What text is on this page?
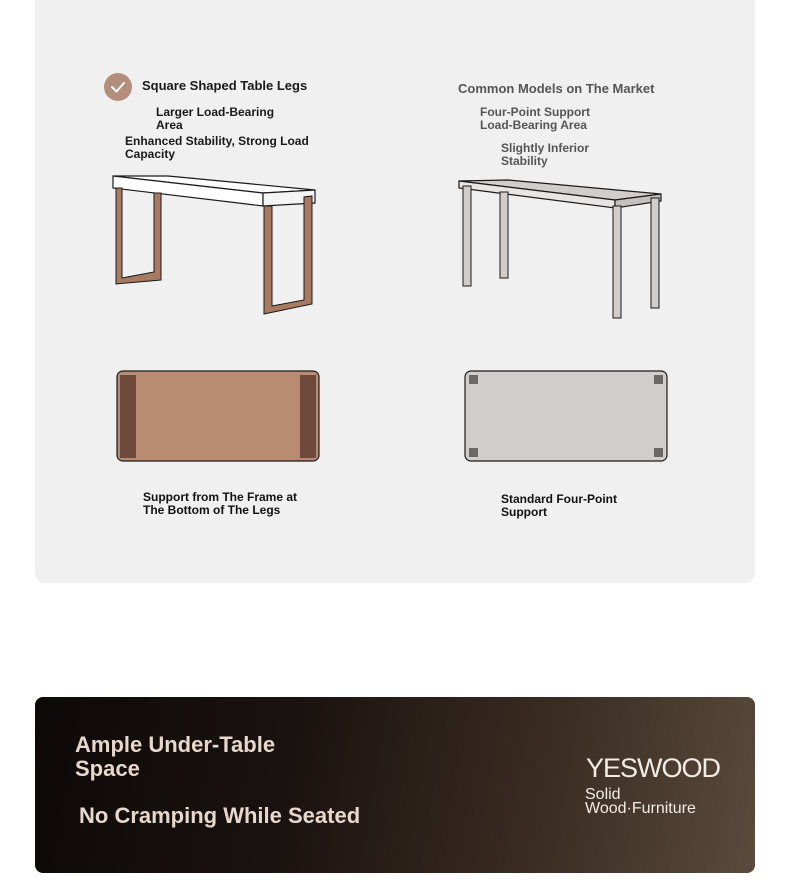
Square Shaped Table Legs
Larger Load-Bearing Area
Enhanced Stability, Strong Load Capacity
Common Models on The Market
Four-Point Support Load-Bearing Area
Slightly Inferior Stability
Support from The Frame at The Bottom of The Legs
Standard Four-Point Support
Ample Under-Table Space
No Cramping While Seated
YESWOOD
Solid Wood·Furniture
